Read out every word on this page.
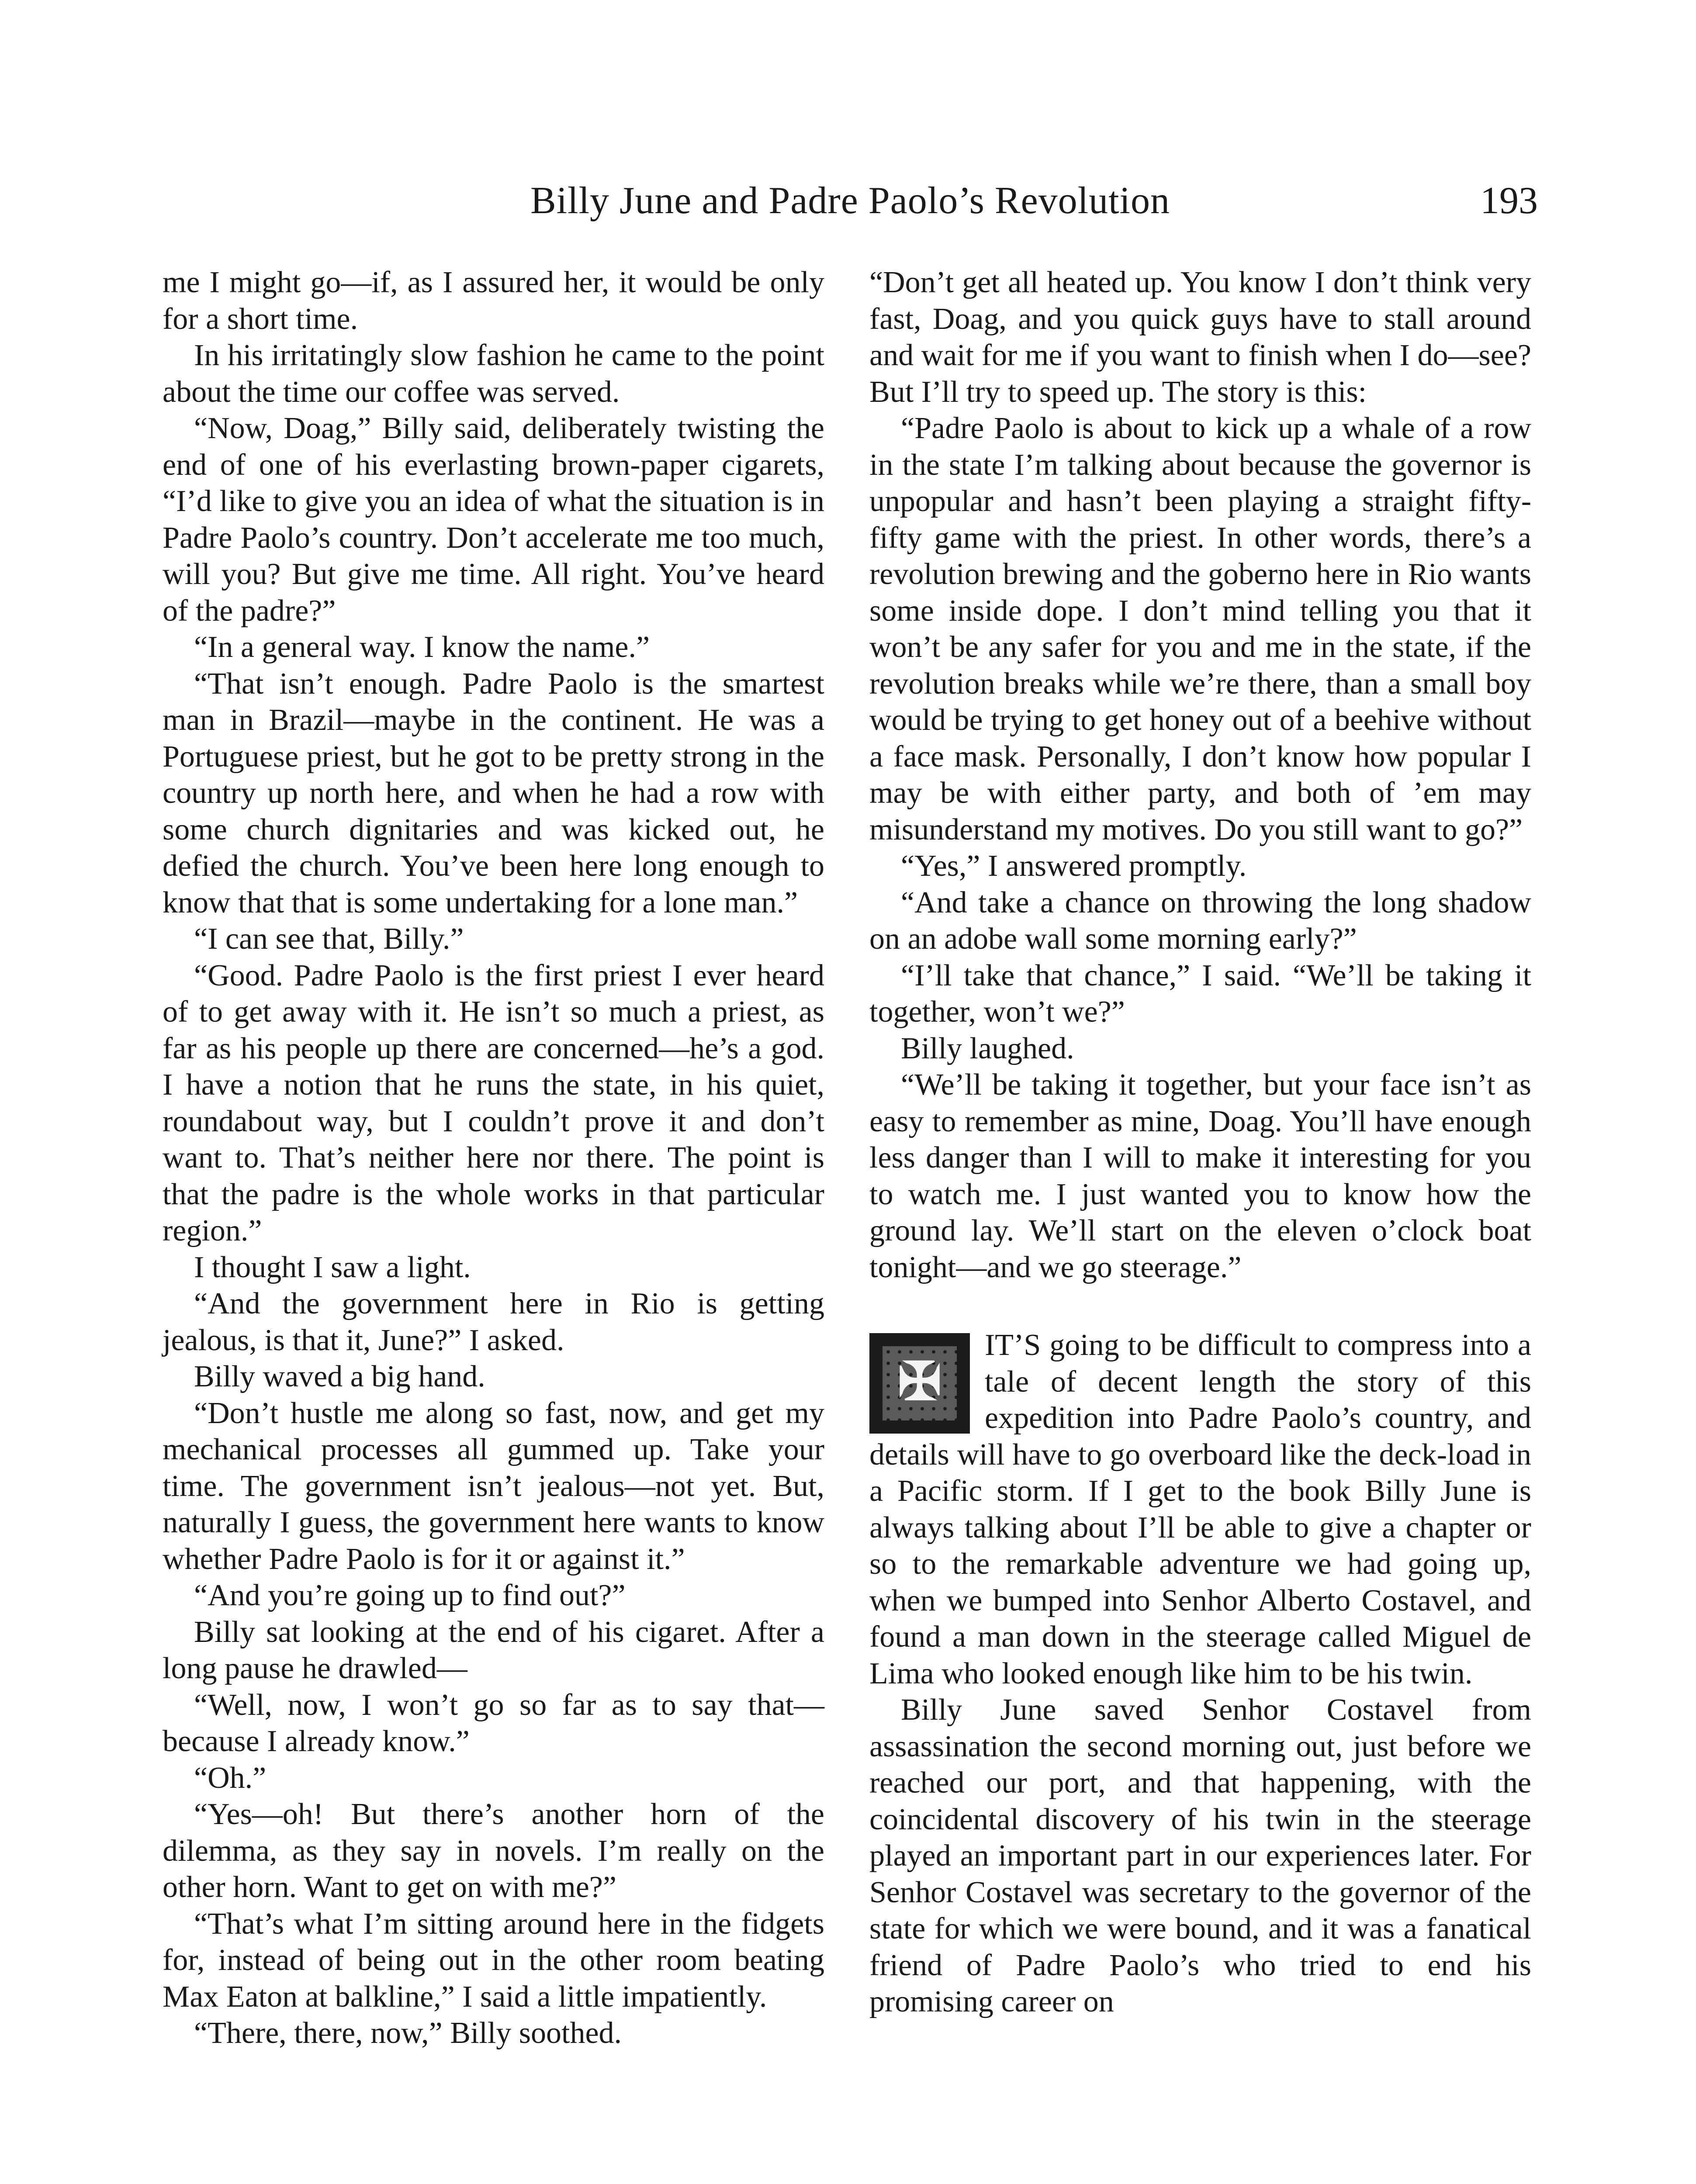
Billy June and Padre Paolo’s Revolution	193

me I might go—if, as I assured her, it would be only for a short time.

In his irritatingly slow fashion he came to the point about the time our coffee was served.

“Now, Doag,” Billy said, deliberately twisting the end of one of his everlasting brown-paper cigarets, “I’d like to give you an idea of what the situation is in Padre Paolo’s country. Don’t accelerate me too much, will you? But give me time. All right. You’ve heard of the padre?”

“In a general way. I know the name.”

“That isn’t enough. Padre Paolo is the smartest man in Brazil—maybe in the continent. He was a Portuguese priest, but he got to be pretty strong in the country up north here, and when he had a row with some church dignitaries and was kicked out, he defied the church. You’ve been here long enough to know that that is some undertaking for a lone man.”

“I can see that, Billy.”

“Good. Padre Paolo is the first priest I ever heard of to get away with it. He isn’t so much a priest, as far as his people up there are concerned—he’s a god. I have a notion that he runs the state, in his quiet, roundabout way, but I couldn’t prove it and don’t want to. That’s neither here nor there. The point is that the padre is the whole works in that particular region.”

I thought I saw a light.

“And the government here in Rio is getting jealous, is that it, June?” I asked.

Billy waved a big hand.

“Don’t hustle me along so fast, now, and get my mechanical processes all gummed up. Take your time. The government isn’t jealous—not yet. But, naturally I guess, the government here wants to know whether Padre Paolo is for it or against it.”

“And you’re going up to find out?”

Billy sat looking at the end of his cigaret. After a long pause he drawled—

“Well, now, I won’t go so far as to say that—because I already know.”

“Oh.”

“Yes—oh! But there’s another horn of the dilemma, as they say in novels. I’m really on the other horn. Want to get on with me?”

“That’s what I’m sitting around here in the fidgets for, instead of being out in the other room beating Max Eaton at balkline,” I said a little impatiently.

“There, there, now,” Billy soothed.

“Don’t get all heated up. You know I don’t think very fast, Doag, and you quick guys have to stall around and wait for me if you want to finish when I do—see? But I’ll try to speed up. The story is this:

“Padre Paolo is about to kick up a whale of a row in the state I’m talking about because the governor is unpopular and hasn’t been playing a straight fifty-fifty game with the priest. In other words, there’s a revolution brewing and the goberno here in Rio wants some inside dope. I don’t mind telling you that it won’t be any safer for you and me in the state, if the revolution breaks while we’re there, than a small boy would be trying to get honey out of a beehive without a face mask. Personally, I don’t know how popular I may be with either party, and both of ’em may misunderstand my motives. Do you still want to go?”

“Yes,” I answered promptly.

“And take a chance on throwing the long shadow on an adobe wall some morning early?”

“I’ll take that chance,” I said. “We’ll be taking it together, won’t we?”

Billy laughed.

“We’ll be taking it together, but your face isn’t as easy to remember as mine, Doag. You’ll have enough less danger than I will to make it interesting for you to watch me. I just wanted you to know how the ground lay. We’ll start on the eleven o’clock boat tonight—and we go steerage.”

✠

IT’S going to be difficult to compress into a tale of decent length the story of this expedition into Padre Paolo’s country, and details will have to go overboard like the deck-load in a Pacific storm. If I get to the book Billy June is always talking about I’ll be able to give a chapter or so to the remarkable adventure we had going up, when we bumped into Senhor Alberto Costavel, and found a man down in the steerage called Miguel de Lima who looked enough like him to be his twin.

Billy June saved Senhor Costavel from assassination the second morning out, just before we reached our port, and that happening, with the coincidental discovery of his twin in the steerage played an important part in our experiences later. For Senhor Costavel was secretary to the governor of the state for which we were bound, and it was a fanatical friend of Padre Paolo’s who tried to end his promising career on
